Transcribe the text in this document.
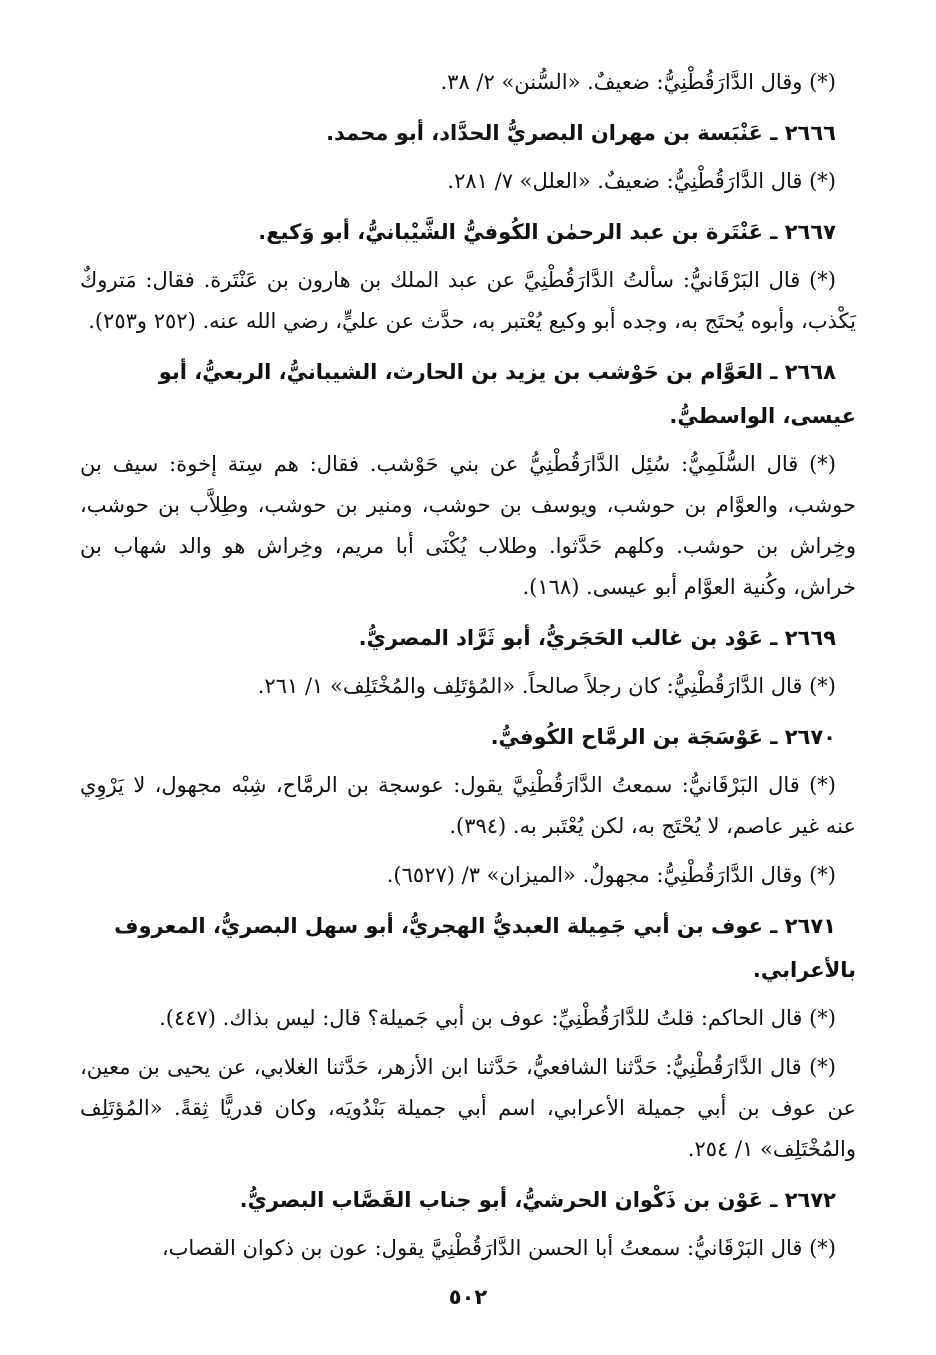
(*) وقال الدَّارَقُطْنِيُّ: ضعيفٌ. «السُّنن» ٢/ ٣٨.

٢٦٦٦ ـ عَنْبَسة بن مهران البصريُّ الحدَّاد، أبو محمد.

(*) قال الدَّارَقُطْنِيُّ: ضعيفٌ. «العلل» ٧/ ٢٨١.

٢٦٦٧ ـ عَنْتَرة بن عبد الرحمٰن الكُوفيُّ الشَّيْبانيُّ، أبو وَكيع.

(*) قال البَرْقَانيُّ: سألتُ الدَّارَقُطْنِيَّ عن عبد الملك بن هارون بن عَنْتَرة. فقال: مَتروكٌ يَكْذب، وأبوه يُحتَج به، وجده أبو وكيع يُعْتبر به، حدَّث عن عليٍّ، رضي الله عنه. (٢٥٢ و٢٥٣).

٢٦٦٨ ـ العَوَّام بن حَوْشب بن يزيد بن الحارث، الشيبانيُّ، الربعيُّ، أبو عيسى، الواسطيُّ.

(*) قال السُّلَمِيُّ: سُئِل الدَّارَقُطْنِيُّ عن بني حَوْشب. فقال: هم سِتة إخوة: سيف بن حوشب، والعوَّام بن حوشب، ويوسف بن حوشب، ومنير بن حوشب، وطِلاَّب بن حوشب، وخِراش بن حوشب. وكلهم حَدَّثوا. وطلاب يُكْنَى أبا مريم، وخِراش هو والد شهاب بن خراش، وكُنية العوَّام أبو عيسى. (١٦٨).

٢٦٦٩ ـ عَوْد بن غالب الحَجَريُّ، أبو ثَرَّاد المصريُّ.

(*) قال الدَّارَقُطْنِيُّ: كان رجلاً صالحاً. «المُؤتَلِف والمُخْتَلِف» ١/ ٢٦١.

٢٦٧٠ ـ عَوْسَجَة بن الرمَّاح الكُوفيُّ.

(*) قال البَرْقَانيُّ: سمعتُ الدَّارَقُطْنِيَّ يقول: عوسجة بن الرمَّاح، شِبْه مجهول، لا يَرْوِي عنه غير عاصم، لا يُحْتَج به، لكن يُعْتَبر به. (٣٩٤).

(*) وقال الدَّارَقُطْنِيُّ: مجهولٌ. «الميزان» ٣/ (٦٥٢٧).

٢٦٧١ ـ عوف بن أبي جَمِيلة العبديُّ الهجريُّ، أبو سهل البصريُّ، المعروف بالأعرابي.

(*) قال الحاكم: قلتُ للدَّارَقُطْنِيِّ: عوف بن أبي جَميلة؟ قال: ليس بذاك. (٤٤٧).

(*) قال الدَّارَقُطْنِيُّ: حَدَّثنا الشافعيُّ، حَدَّثنا ابن الأزهر، حَدَّثنا الغلابي، عن يحيى بن معين، عن عوف بن أبي جميلة الأعرابي، اسم أبي جميلة بَنْدُويَه، وكان قدريًّا ثِقةً. «المُؤتَلِف والمُخْتَلِف» ١/ ٢٥٤.

٢٦٧٢ ـ عَوْن بن ذَكْوان الحرشيُّ، أبو جناب القَصَّاب البصريُّ.

(*) قال البَرْقَانيُّ: سمعتُ أبا الحسن الدَّارَقُطْنِيَّ يقول: عون بن ذكوان القصاب،

٥٠٢
